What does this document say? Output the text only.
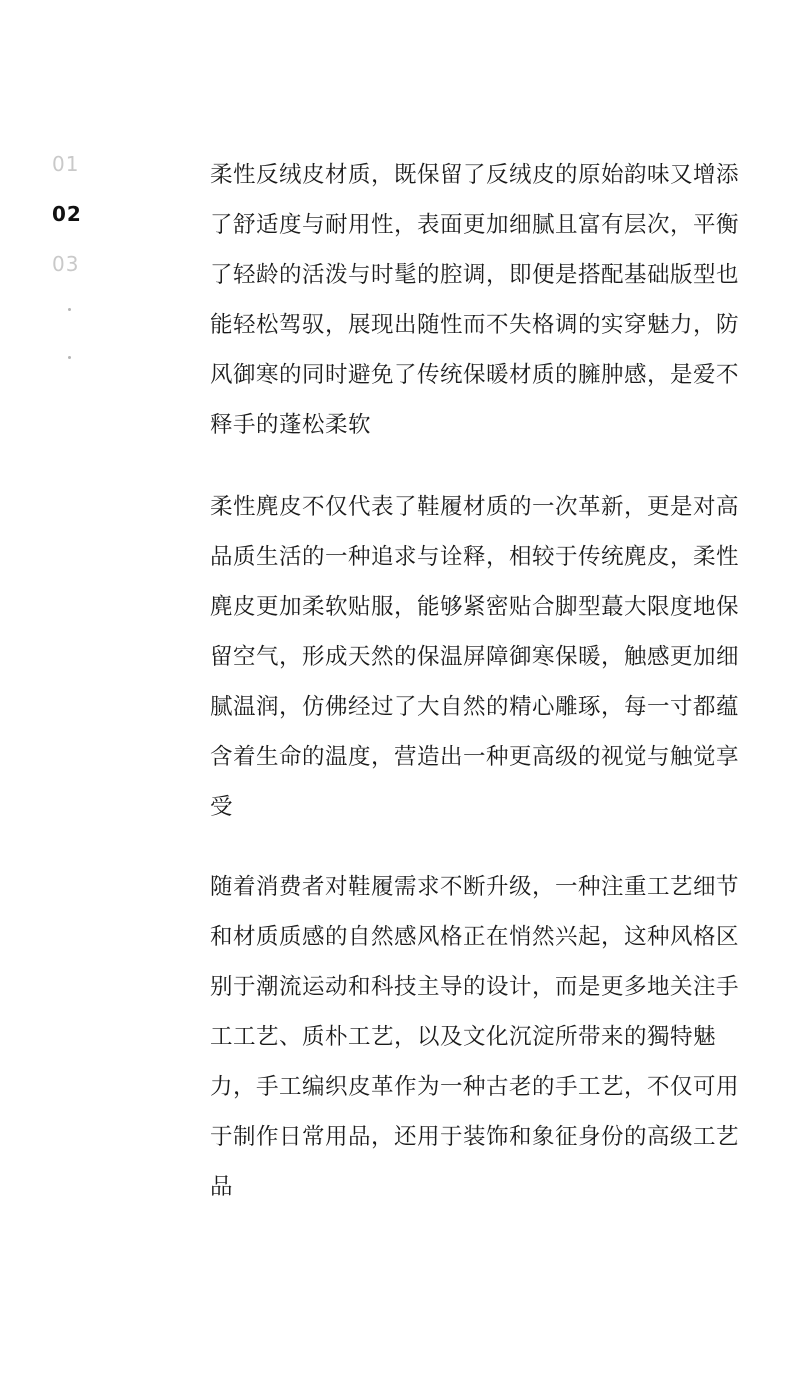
01
02
03

柔性反绒皮材质，既保留了反绒皮的原始韵味又增添了舒适度与耐用性，表面更加细腻且富有层次，平衡了轻龄的活泼与时髦的腔调，即便是搭配基础版型也能轻松驾驭，展现出随性而不失格调的实穿魅力，防风御寒的同时避免了传统保暖材质的臃肿感，是爱不释手的蓬松柔软

柔性麂皮不仅代表了鞋履材质的一次革新，更是对高品质生活的一种追求与诠释，相较于传统麂皮，柔性麂皮更加柔软贴服，能够紧密贴合脚型蕞大限度地保留空气，形成天然的保温屏障御寒保暖，触感更加细腻温润，仿佛经过了大自然的精心雕琢，每一寸都蕴含着生命的温度，营造出一种更高级的视觉与触觉享受

随着消费者对鞋履需求不断升级，一种注重工艺细节和材质质感的自然感风格正在悄然兴起，这种风格区别于潮流运动和科技主导的设计，而是更多地关注手工工艺、质朴工艺，以及文化沉淀所带来的獨特魅力，手工编织皮革作为一种古老的手工艺，不仅可用于制作日常用品，还用于装饰和象征身份的高级工艺品
